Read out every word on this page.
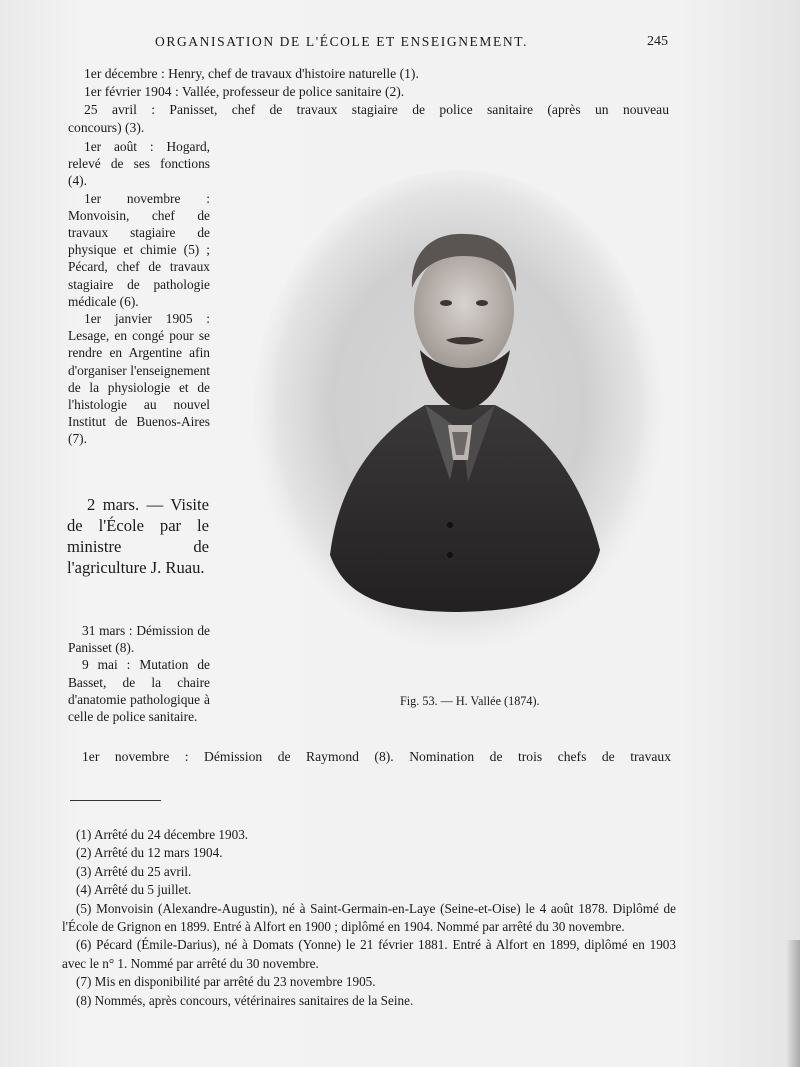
ORGANISATION DE L'ÉCOLE ET ENSEIGNEMENT.	245
1er décembre : Henry, chef de travaux d'histoire naturelle (1).
1er février 1904 : Vallée, professeur de police sanitaire (2).
25 avril : Panisset, chef de travaux stagiaire de police sanitaire (après un nouveau
concours) (3).

1er août : Hogard, relevé de ses fonctions (4).

1er novembre : Monvoisin, chef de travaux stagiaire de physique et chimie (5) ; Pécard, chef de travaux stagiaire de pathologie médicale (6).

1er janvier 1905 : Lesage, en congé pour se rendre en Argentine afin d'organiser l'enseignement de la physiologie et de l'histologie au nouvel Institut de Buenos-Aires (7).

2 mars. — Visite de l'École par le ministre de l'agriculture J. Ruau.

31 mars : Démission de Panisset (8).

9 mai : Mutation de Basset, de la chaire d'anatomie pathologique à celle de police sanitaire.

Fig. 53. — H. Vallée (1874).
1er novembre : Démission de Raymond (8). Nomination de trois chefs de travaux
(1) Arrêté du 24 décembre 1903.
(2) Arrêté du 12 mars 1904.
(3) Arrêté du 25 avril.
(4) Arrêté du 5 juillet.
(5) Monvoisin (Alexandre-Augustin), né à Saint-Germain-en-Laye (Seine-et-Oise) le 4 août 1878. Diplômé de l'École de Grignon en 1899. Entré à Alfort en 1900 ; diplômé en 1904. Nommé par arrêté du 30 novembre.
(6) Pécard (Émile-Darius), né à Domats (Yonne) le 21 février 1881. Entré à Alfort en 1899, diplômé en 1903 avec le n° 1. Nommé par arrêté du 30 novembre.
(7) Mis en disponibilité par arrêté du 23 novembre 1905.
(8) Nommés, après concours, vétérinaires sanitaires de la Seine.
